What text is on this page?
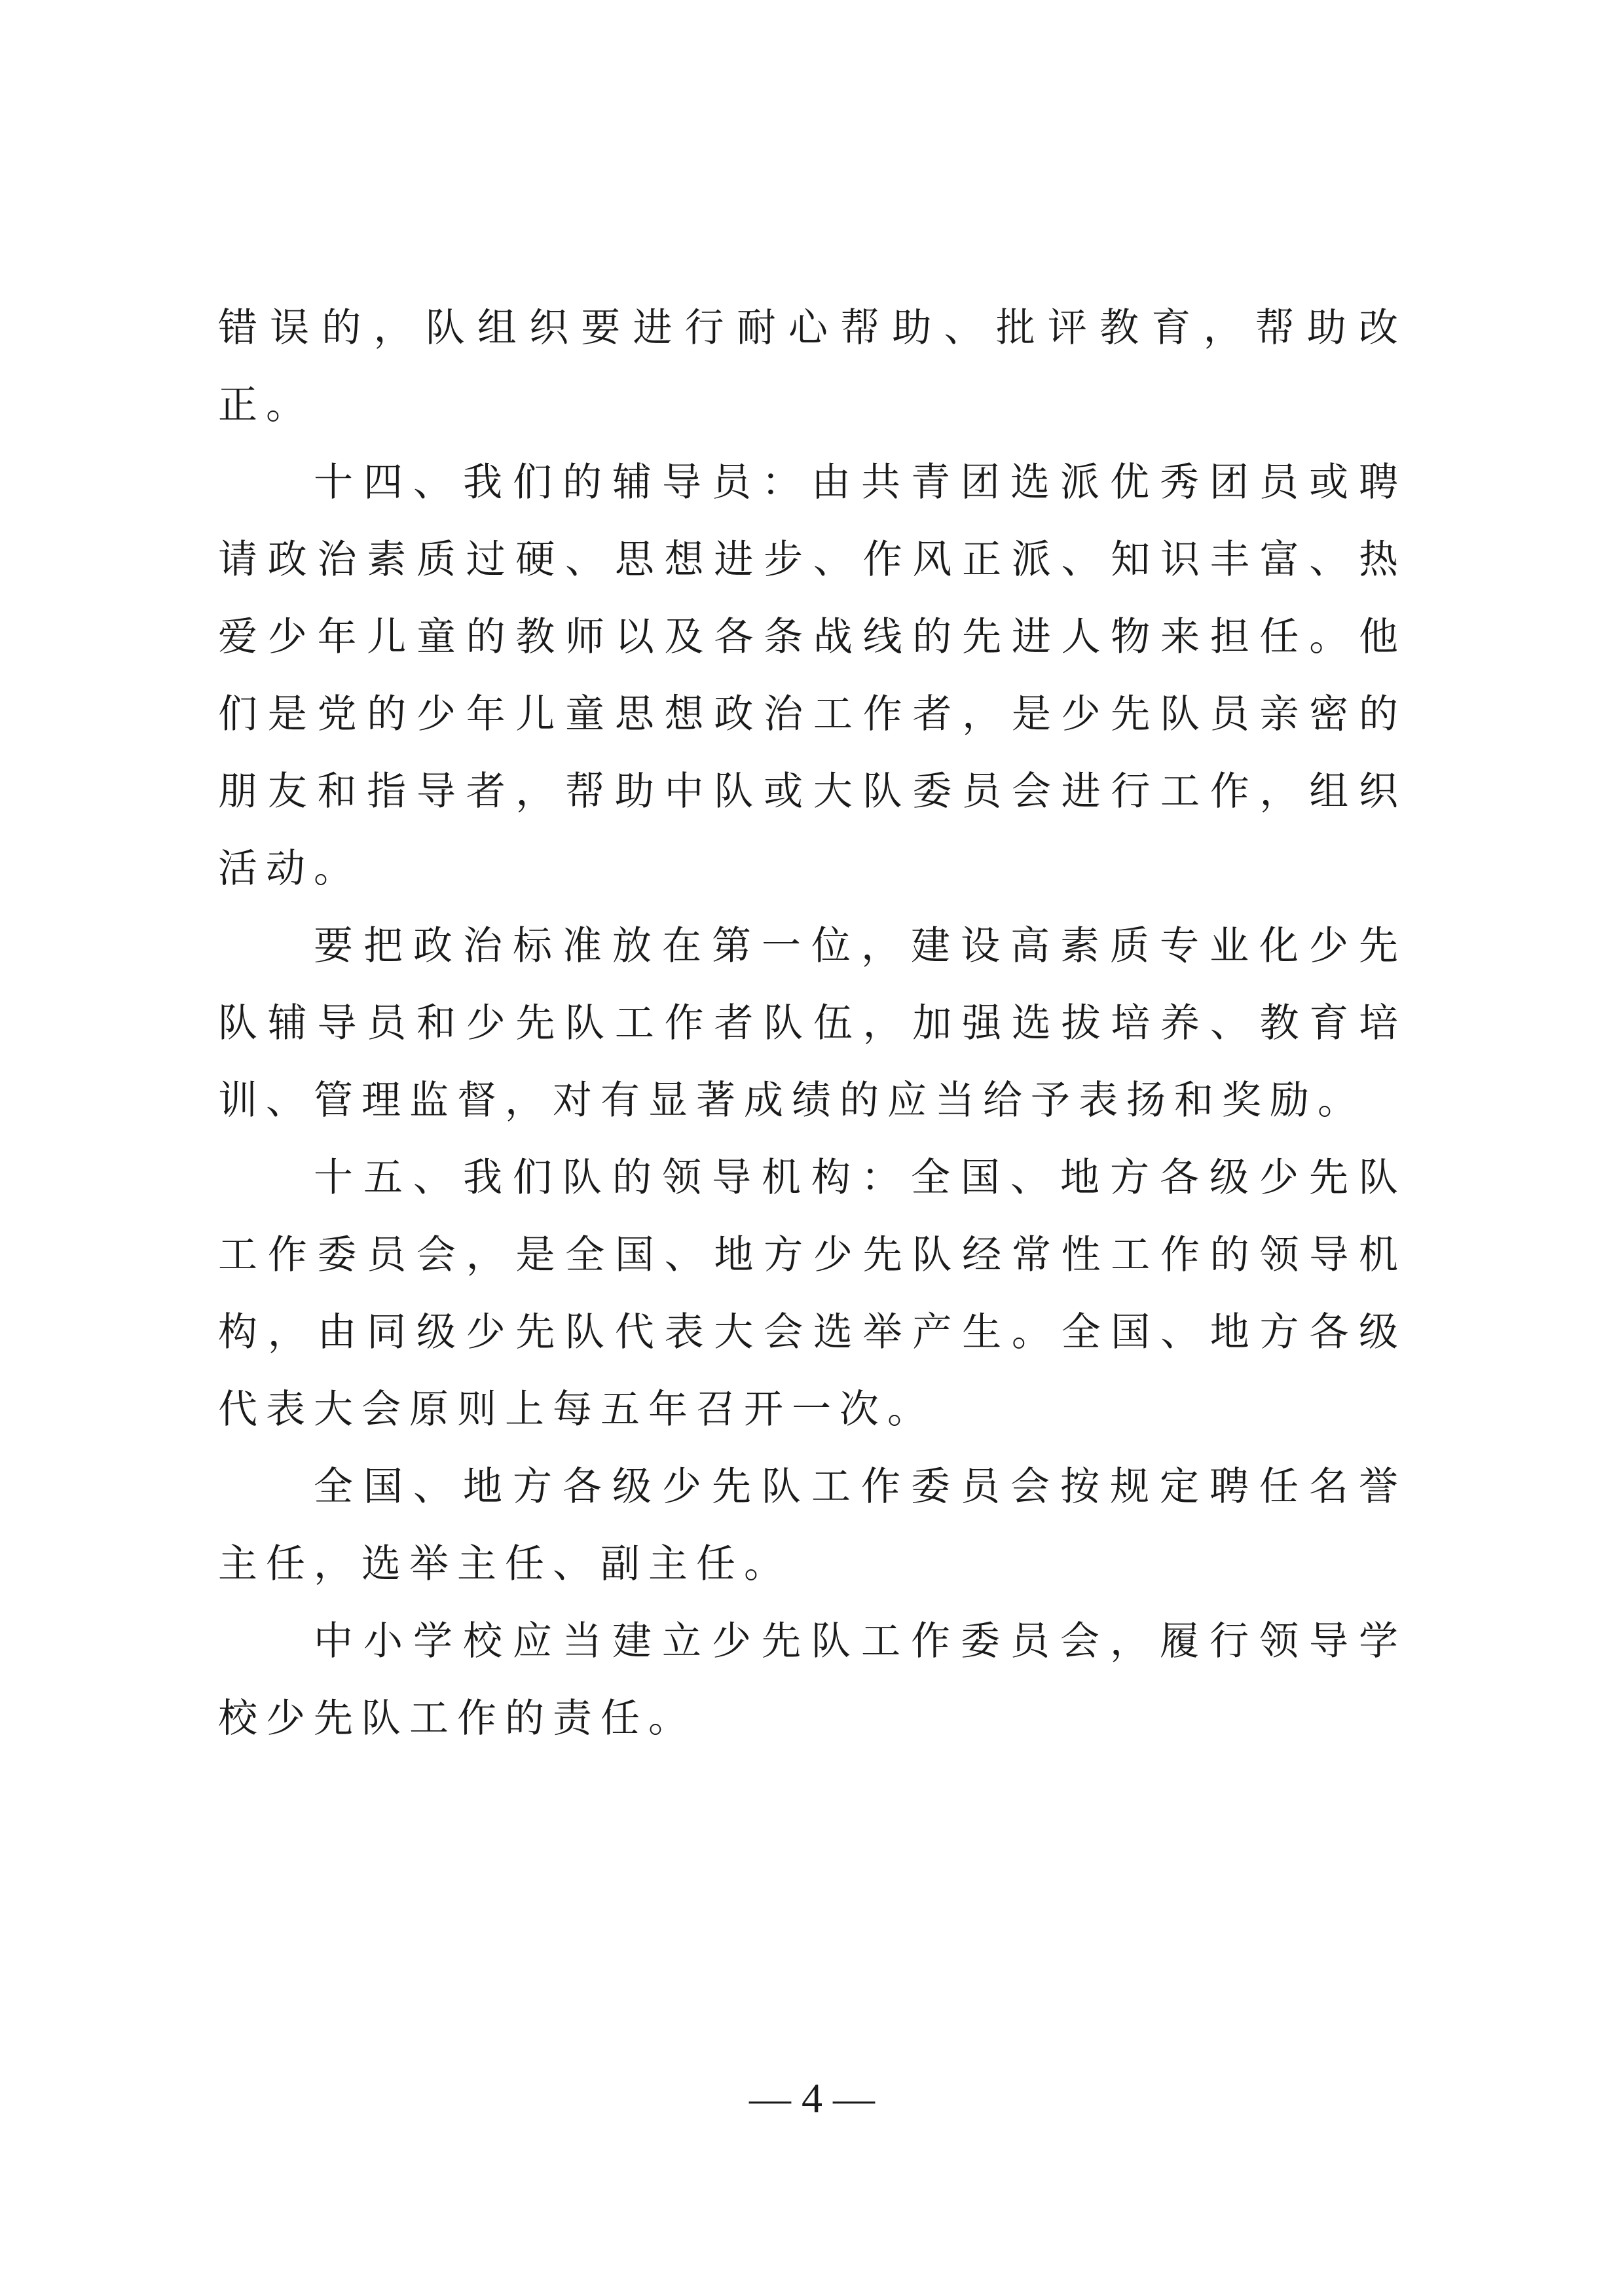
错误的，队组织要进行耐心帮助、批评教育，帮助改正。

十四、我们的辅导员：由共青团选派优秀团员或聘请政治素质过硬、思想进步、作风正派、知识丰富、热爱少年儿童的教师以及各条战线的先进人物来担任。他们是党的少年儿童思想政治工作者，是少先队员亲密的朋友和指导者，帮助中队或大队委员会进行工作，组织活动。

要把政治标准放在第一位，建设高素质专业化少先队辅导员和少先队工作者队伍，加强选拔培养、教育培训、管理监督，对有显著成绩的应当给予表扬和奖励。

十五、我们队的领导机构：全国、地方各级少先队工作委员会，是全国、地方少先队经常性工作的领导机构，由同级少先队代表大会选举产生。全国、地方各级代表大会原则上每五年召开一次。

全国、地方各级少先队工作委员会按规定聘任名誉主任，选举主任、副主任。

中小学校应当建立少先队工作委员会，履行领导学校少先队工作的责任。

— 4 —
